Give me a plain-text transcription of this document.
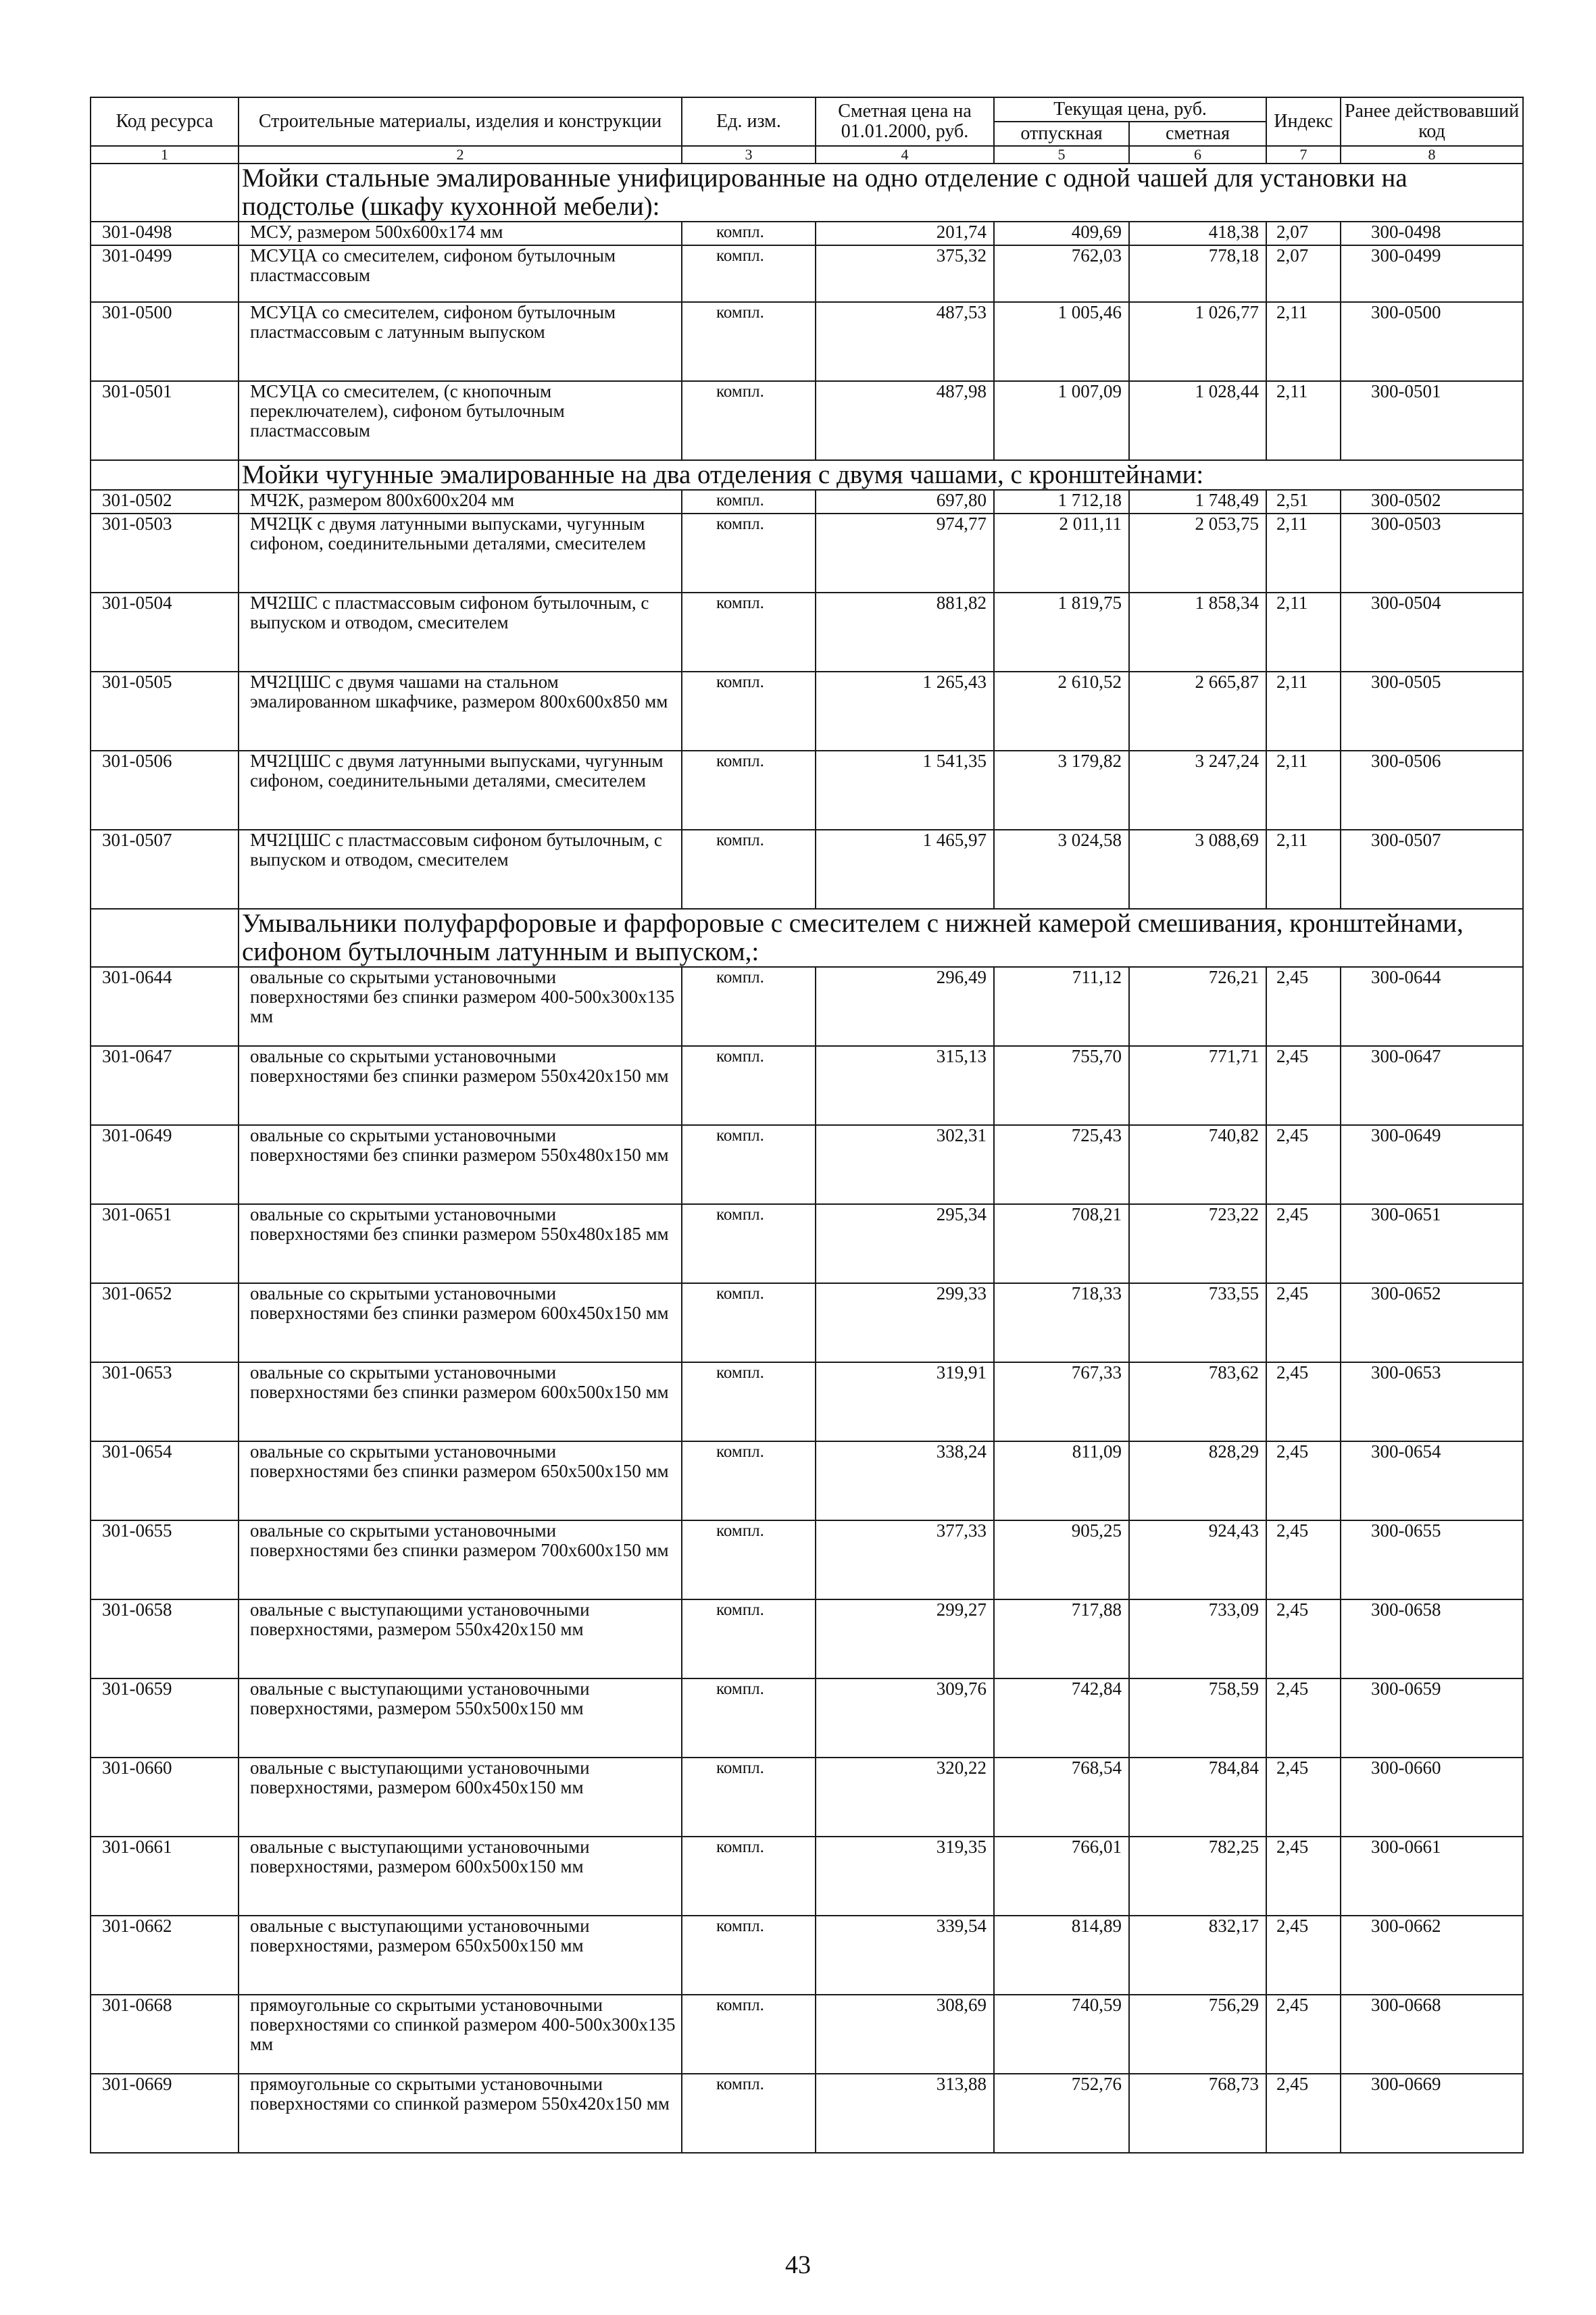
Код ресурса	Строительные материалы, изделия и конструкции	Ед. изм.	Сметная цена на 01.01.2000, руб.	Текущая цена, руб.		Индекс	Ранее действовавший код
				отпускная	сметная		
1	2	3	4	5	6	7	8
	Мойки стальные эмалированные унифицированные на одно отделение с одной чашей для установки на подстолье (шкафу кухонной мебели):						
301-0498	МСУ, размером 500x600x174 мм	компл.	201,74	409,69	418,38	2,07	300-0498
301-0499	МСУЦА со смесителем, сифоном бутылочным пластмассовым	компл.	375,32	762,03	778,18	2,07	300-0499
301-0500	МСУЦА со смесителем, сифоном бутылочным пластмассовым с латунным выпуском	компл.	487,53	1 005,46	1 026,77	2,11	300-0500
301-0501	МСУЦА со смесителем, (с кнопочным переключателем), сифоном бутылочным пластмассовым	компл.	487,98	1 007,09	1 028,44	2,11	300-0501
	Мойки чугунные эмалированные на два отделения с двумя чашами, с кронштейнами:						
301-0502	МЧ2К, размером 800x600x204 мм	компл.	697,80	1 712,18	1 748,49	2,51	300-0502
301-0503	МЧ2ЦК с двумя латунными выпусками, чугунным сифоном, соединительными деталями, смесителем	компл.	974,77	2 011,11	2 053,75	2,11	300-0503
301-0504	МЧ2ШС с пластмассовым сифоном бутылочным, с выпуском и отводом, смесителем	компл.	881,82	1 819,75	1 858,34	2,11	300-0504
301-0505	МЧ2ЦШС с двумя чашами на стальном эмалированном шкафчике, размером 800x600x850 мм	компл.	1 265,43	2 610,52	2 665,87	2,11	300-0505
301-0506	МЧ2ЦШС с двумя латунными выпусками, чугунным сифоном, соединительными деталями, смесителем	компл.	1 541,35	3 179,82	3 247,24	2,11	300-0506
301-0507	МЧ2ЦШС с пластмассовым сифоном бутылочным, с выпуском и отводом, смесителем	компл.	1 465,97	3 024,58	3 088,69	2,11	300-0507
	Умывальники полуфарфоровые и фарфоровые с смесителем с нижней камерой смешивания, кронштейнами, сифоном бутылочным латунным и выпуском,:						
301-0644	овальные со скрытыми установочными поверхностями без спинки размером 400-500x300x135 мм	компл.	296,49	711,12	726,21	2,45	300-0644
301-0647	овальные со скрытыми установочными поверхностями без спинки размером 550x420x150 мм	компл.	315,13	755,70	771,71	2,45	300-0647
301-0649	овальные со скрытыми установочными поверхностями без спинки размером 550x480x150 мм	компл.	302,31	725,43	740,82	2,45	300-0649
301-0651	овальные со скрытыми установочными поверхностями без спинки размером 550x480x185 мм	компл.	295,34	708,21	723,22	2,45	300-0651
301-0652	овальные со скрытыми установочными поверхностями без спинки размером 600x450x150 мм	компл.	299,33	718,33	733,55	2,45	300-0652
301-0653	овальные со скрытыми установочными поверхностями без спинки размером 600x500x150 мм	компл.	319,91	767,33	783,62	2,45	300-0653
301-0654	овальные со скрытыми установочными поверхностями без спинки размером 650x500x150 мм	компл.	338,24	811,09	828,29	2,45	300-0654
301-0655	овальные со скрытыми установочными поверхностями без спинки размером 700x600x150 мм	компл.	377,33	905,25	924,43	2,45	300-0655
301-0658	овальные с выступающими установочными поверхностями, размером 550x420x150 мм	компл.	299,27	717,88	733,09	2,45	300-0658
301-0659	овальные с выступающими установочными поверхностями, размером 550x500x150 мм	компл.	309,76	742,84	758,59	2,45	300-0659
301-0660	овальные с выступающими установочными поверхностями, размером 600x450x150 мм	компл.	320,22	768,54	784,84	2,45	300-0660
301-0661	овальные с выступающими установочными поверхностями, размером 600x500x150 мм	компл.	319,35	766,01	782,25	2,45	300-0661
301-0662	овальные с выступающими установочными поверхностями, размером 650x500x150 мм	компл.	339,54	814,89	832,17	2,45	300-0662
301-0668	прямоугольные со скрытыми установочными поверхностями со спинкой размером 400-500x300x135 мм	компл.	308,69	740,59	756,29	2,45	300-0668
301-0669	прямоугольные со скрытыми установочными поверхностями со спинкой размером 550x420x150 мм	компл.	313,88	752,76	768,73	2,45	300-0669
43
